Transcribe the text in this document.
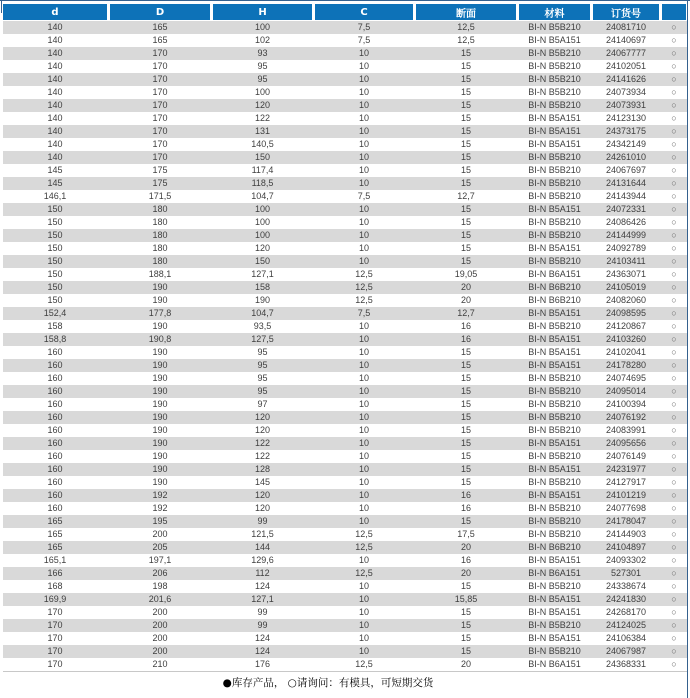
d	D	H	C	断面	材料	订货号
140	165	100	7,5	12,5	BI-N B5B210	24081710	○
140	165	102	7,5	12,5	BI-N B5A151	24140697	○
140	170	93	10	15	BI-N B5B210	24067777	○
140	170	95	10	15	BI-N B5B210	24102051	○
140	170	95	10	15	BI-N B5B210	24141626	○
140	170	100	10	15	BI-N B5B210	24073934	○
140	170	120	10	15	BI-N B5B210	24073931	○
140	170	122	10	15	BI-N B5A151	24123130	○
140	170	131	10	15	BI-N B5A151	24373175	○
140	170	140,5	10	15	BI-N B5A151	24342149	○
140	170	150	10	15	BI-N B5B210	24261010	○
145	175	117,4	10	15	BI-N B5B210	24067697	○
145	175	118,5	10	15	BI-N B5B210	24131644	○
146,1	171,5	104,7	7,5	12,7	BI-N B5B210	24143944	○
150	180	100	10	15	BI-N B5A151	24072331	○
150	180	100	10	15	BI-N B5B210	24086426	○
150	180	100	10	15	BI-N B5B210	24144999	○
150	180	120	10	15	BI-N B5A151	24092789	○
150	180	150	10	15	BI-N B5B210	24103411	○
150	188,1	127,1	12,5	19,05	BI-N B6A151	24363071	○
150	190	158	12,5	20	BI-N B6B210	24105019	○
150	190	190	12,5	20	BI-N B6B210	24082060	○
152,4	177,8	104,7	7,5	12,7	BI-N B5A151	24098595	○
158	190	93,5	10	16	BI-N B5B210	24120867	○
158,8	190,8	127,5	10	16	BI-N B5A151	24103260	○
160	190	95	10	15	BI-N B5A151	24102041	○
160	190	95	10	15	BI-N B5A151	24178280	○
160	190	95	10	15	BI-N B5B210	24074695	○
160	190	95	10	15	BI-N B5B210	24095014	○
160	190	97	10	15	BI-N B5B210	24100394	○
160	190	120	10	15	BI-N B5B210	24076192	○
160	190	120	10	15	BI-N B5B210	24083991	○
160	190	122	10	15	BI-N B5A151	24095656	○
160	190	122	10	15	BI-N B5B210	24076149	○
160	190	128	10	15	BI-N B5A151	24231977	○
160	190	145	10	15	BI-N B5B210	24127917	○
160	192	120	10	16	BI-N B5A151	24101219	○
160	192	120	10	16	BI-N B5B210	24077698	○
165	195	99	10	15	BI-N B5B210	24178047	○
165	200	121,5	12,5	17,5	BI-N B5B210	24144903	○
165	205	144	12,5	20	BI-N B6B210	24104897	○
165,1	197,1	129,6	10	16	BI-N B5A151	24093302	○
166	206	112	12,5	20	BI-N B6A151	527301	○
168	198	124	10	15	BI-N B5B210	24338674	○
169,9	201,6	127,1	10	15,85	BI-N B5A151	24241830	○
170	200	99	10	15	BI-N B5A151	24268170	○
170	200	99	10	15	BI-N B5B210	24124025	○
170	200	124	10	15	BI-N B5A151	24106384	○
170	200	124	10	15	BI-N B5B210	24067987	○
170	210	176	12,5	20	BI-N B6A151	24368331	○
●库存产品， ○请询问：有模具，可短期交货
